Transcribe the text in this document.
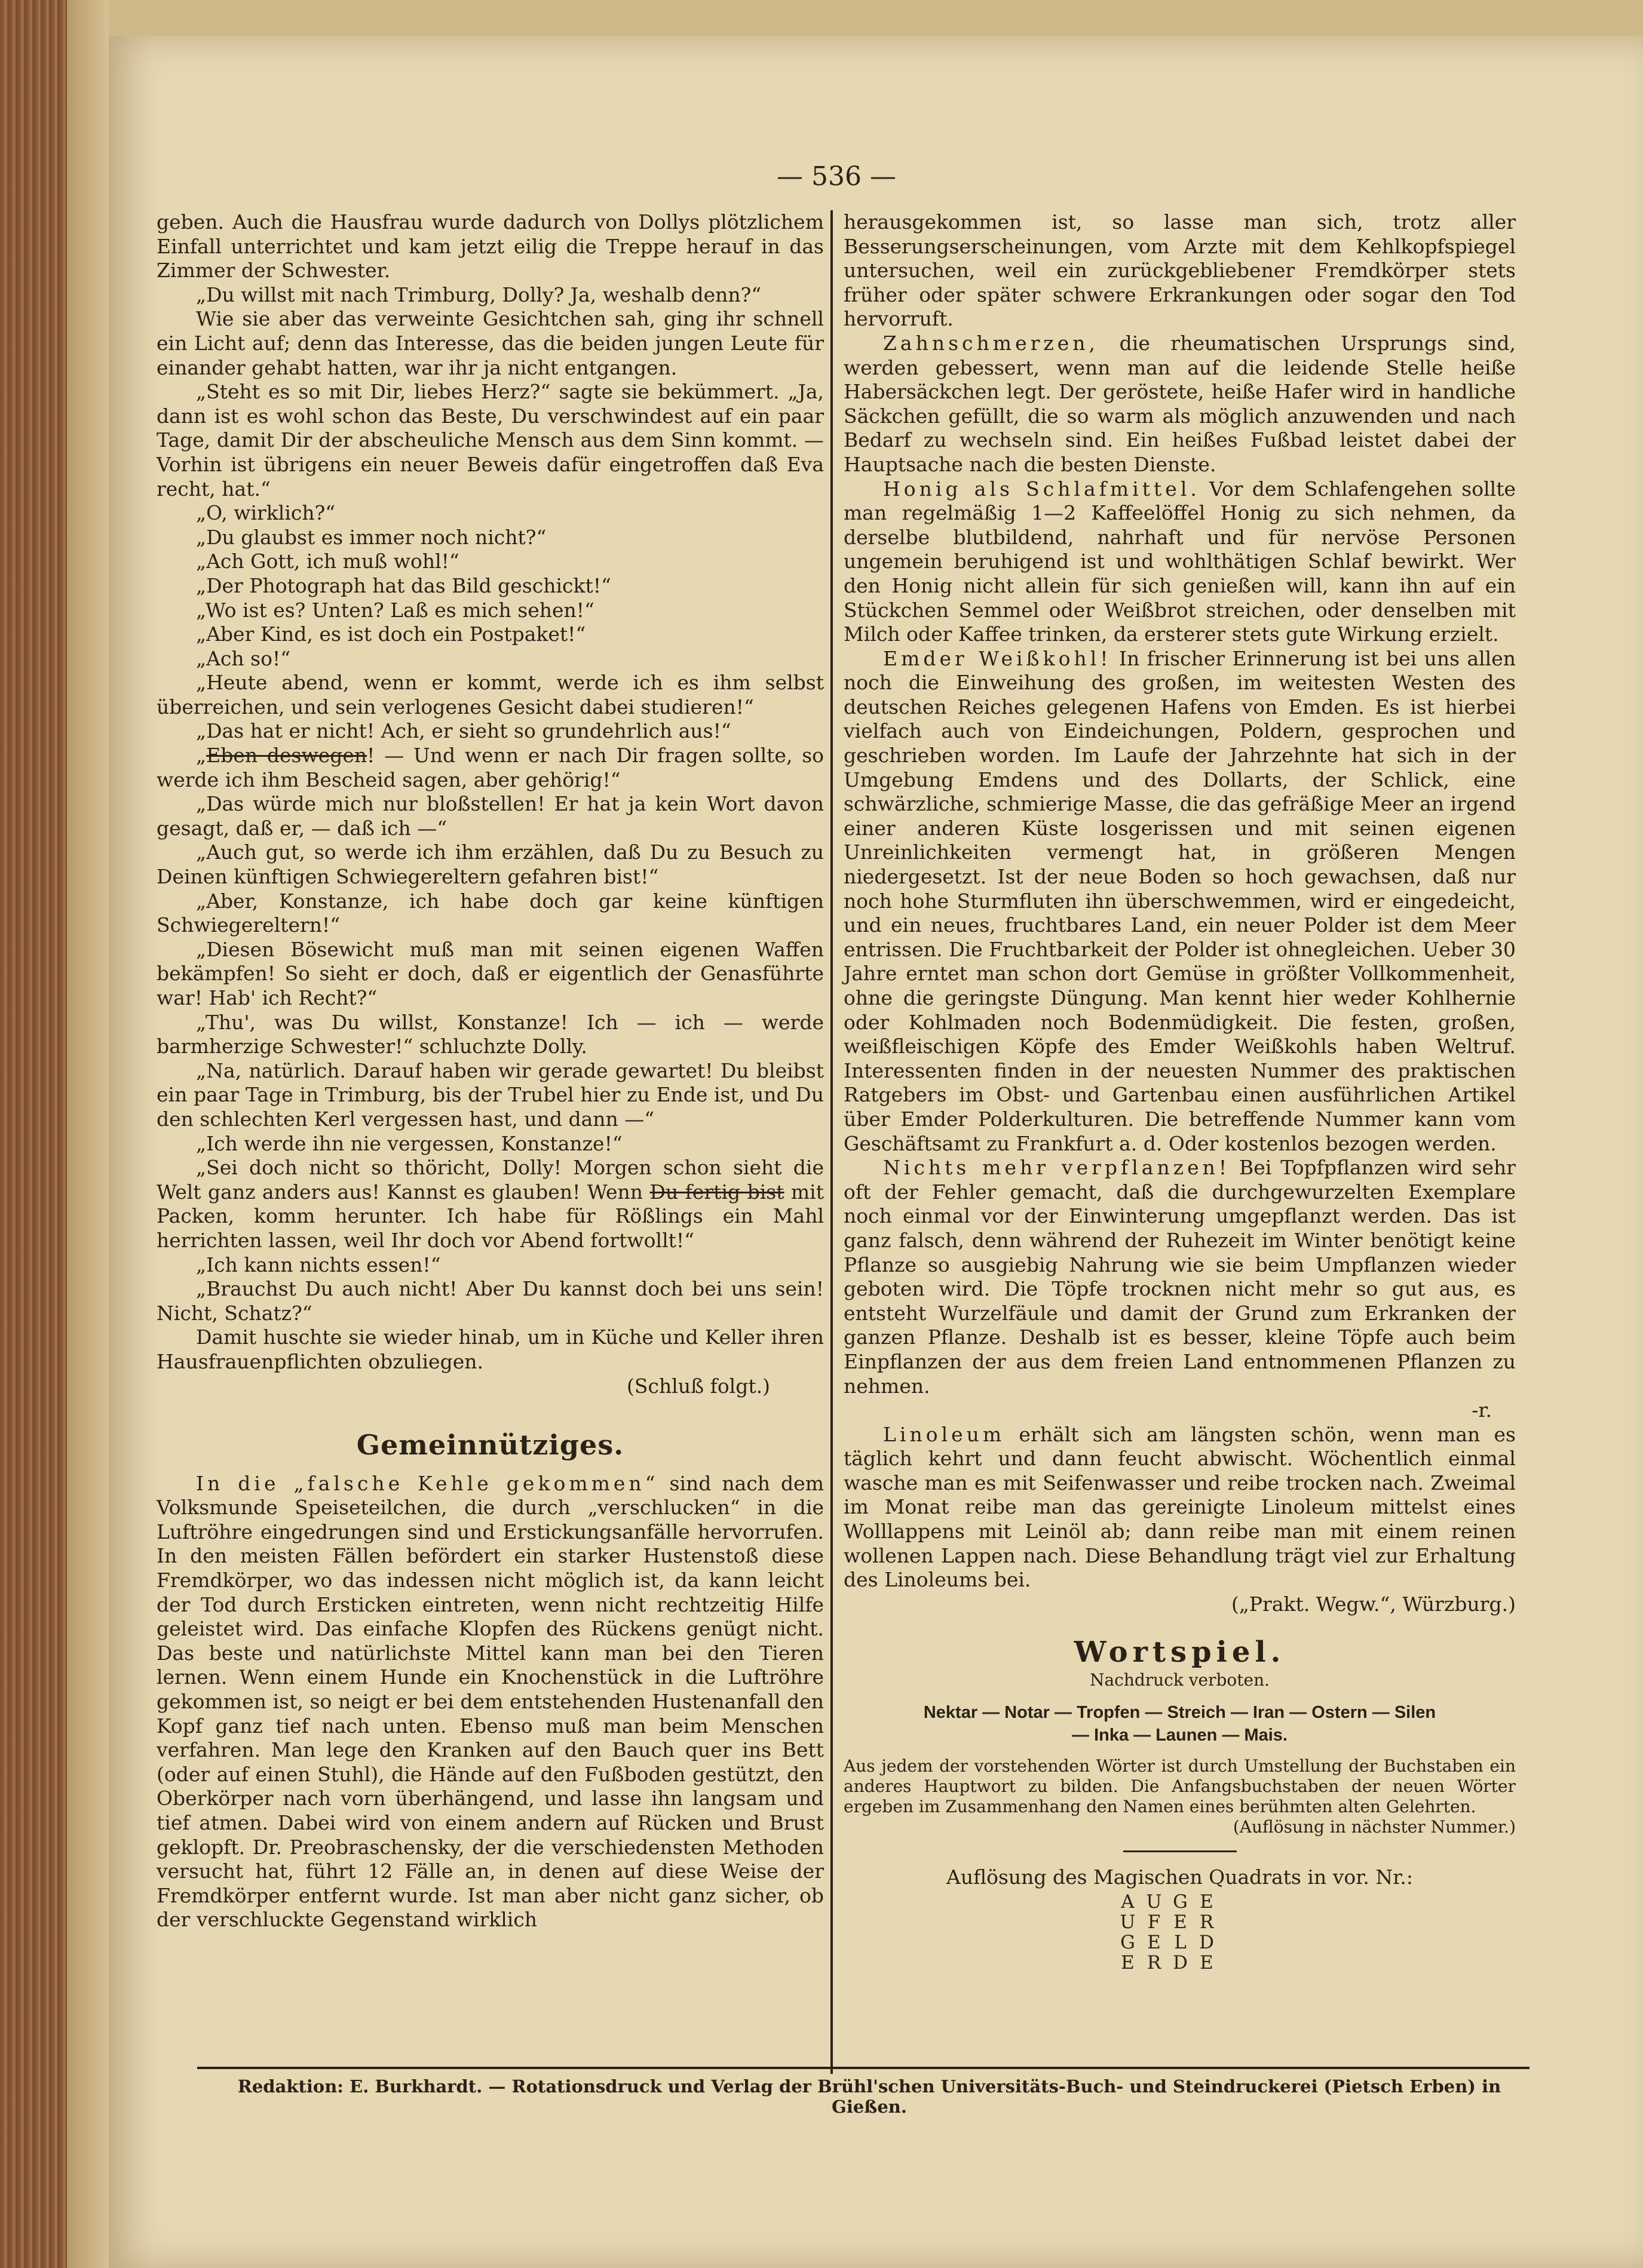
— 536 —

geben. Auch die Hausfrau wurde dadurch von Dollys plötzlichem Einfall unterrichtet und kam jetzt eilig die Treppe herauf in das Zimmer der Schwester.

„Du willst mit nach Trimburg, Dolly? Ja, weshalb denn?“

Wie sie aber das verweinte Gesichtchen sah, ging ihr schnell ein Licht auf; denn das Interesse, das die beiden jungen Leute für einander gehabt hatten, war ihr ja nicht entgangen.

„Steht es so mit Dir, liebes Herz?“ sagte sie bekümmert. „Ja, dann ist es wohl schon das Beste, Du verschwindest auf ein paar Tage, damit Dir der abscheuliche Mensch aus dem Sinn kommt. — Vorhin ist übrigens ein neuer Beweis dafür eingetroffen daß Eva recht, hat.“

„O, wirklich?“

„Du glaubst es immer noch nicht?“

„Ach Gott, ich muß wohl!“

„Der Photograph hat das Bild geschickt!“

„Wo ist es? Unten? Laß es mich sehen!“

„Aber Kind, es ist doch ein Postpaket!“

„Ach so!“

„Heute abend, wenn er kommt, werde ich es ihm selbst überreichen, und sein verlogenes Gesicht dabei studieren!“

„Das hat er nicht! Ach, er sieht so grundehrlich aus!“

„Eben deswegen! — Und wenn er nach Dir fragen sollte, so werde ich ihm Bescheid sagen, aber gehörig!“

„Das würde mich nur bloßstellen! Er hat ja kein Wort davon gesagt, daß er, — daß ich —“

„Auch gut, so werde ich ihm erzählen, daß Du zu Besuch zu Deinen künftigen Schwiegereltern gefahren bist!“

„Aber, Konstanze, ich habe doch gar keine künftigen Schwiegereltern!“

„Diesen Bösewicht muß man mit seinen eigenen Waffen bekämpfen! So sieht er doch, daß er eigentlich der Genasführte war! Hab' ich Recht?“

„Thu', was Du willst, Konstanze! Ich — ich — werde barmherzige Schwester!“ schluchzte Dolly.

„Na, natürlich. Darauf haben wir gerade gewartet! Du bleibst ein paar Tage in Trimburg, bis der Trubel hier zu Ende ist, und Du den schlechten Kerl vergessen hast, und dann —“

„Ich werde ihn nie vergessen, Konstanze!“

„Sei doch nicht so thöricht, Dolly! Morgen schon sieht die Welt ganz anders aus! Kannst es glauben! Wenn Du fertig bist mit Packen, komm herunter. Ich habe für Rößlings ein Mahl herrichten lassen, weil Ihr doch vor Abend fortwollt!“

„Ich kann nichts essen!“

„Brauchst Du auch nicht! Aber Du kannst doch bei uns sein! Nicht, Schatz?“

Damit huschte sie wieder hinab, um in Küche und Keller ihren Hausfrauenpflichten obzuliegen.

(Schluß folgt.)

Gemeinnütziges.

In die „falsche Kehle gekommen“ sind nach dem Volksmunde Speiseteilchen, die durch „verschlucken“ in die Luftröhre eingedrungen sind und Erstickungsanfälle hervorrufen. In den meisten Fällen befördert ein starker Hustenstoß diese Fremdkörper, wo das indessen nicht möglich ist, da kann leicht der Tod durch Ersticken eintreten, wenn nicht rechtzeitig Hilfe geleistet wird. Das einfache Klopfen des Rückens genügt nicht. Das beste und natürlichste Mittel kann man bei den Tieren lernen. Wenn einem Hunde ein Knochenstück in die Luftröhre gekommen ist, so neigt er bei dem entstehenden Hustenanfall den Kopf ganz tief nach unten. Ebenso muß man beim Menschen verfahren. Man lege den Kranken auf den Bauch quer ins Bett (oder auf einen Stuhl), die Hände auf den Fußboden gestützt, den Oberkörper nach vorn überhängend, und lasse ihn langsam und tief atmen. Dabei wird von einem andern auf Rücken und Brust geklopft. Dr. Preobraschensky, der die verschiedensten Methoden versucht hat, führt 12 Fälle an, in denen auf diese Weise der Fremdkörper entfernt wurde. Ist man aber nicht ganz sicher, ob der verschluckte Gegenstand wirklich

herausgekommen ist, so lasse man sich, trotz aller Besserungserscheinungen, vom Arzte mit dem Kehlkopfspiegel untersuchen, weil ein zurückgebliebener Fremdkörper stets früher oder später schwere Erkrankungen oder sogar den Tod hervorruft.

Zahnschmerzen, die rheumatischen Ursprungs sind, werden gebessert, wenn man auf die leidende Stelle heiße Habersäckchen legt. Der geröstete, heiße Hafer wird in handliche Säckchen gefüllt, die so warm als möglich anzuwenden und nach Bedarf zu wechseln sind. Ein heißes Fußbad leistet dabei der Hauptsache nach die besten Dienste.

Honig als Schlafmittel. Vor dem Schlafengehen sollte man regelmäßig 1—2 Kaffeelöffel Honig zu sich nehmen, da derselbe blutbildend, nahrhaft und für nervöse Personen ungemein beruhigend ist und wohlthätigen Schlaf bewirkt. Wer den Honig nicht allein für sich genießen will, kann ihn auf ein Stückchen Semmel oder Weißbrot streichen, oder denselben mit Milch oder Kaffee trinken, da ersterer stets gute Wirkung erzielt.

Emder Weißkohl! In frischer Erinnerung ist bei uns allen noch die Einweihung des großen, im weitesten Westen des deutschen Reiches gelegenen Hafens von Emden. Es ist hierbei vielfach auch von Eindeichungen, Poldern, gesprochen und geschrieben worden. Im Laufe der Jahrzehnte hat sich in der Umgebung Emdens und des Dollarts, der Schlick, eine schwärzliche, schmierige Masse, die das gefräßige Meer an irgend einer anderen Küste losgerissen und mit seinen eigenen Unreinlichkeiten vermengt hat, in größeren Mengen niedergesetzt. Ist der neue Boden so hoch gewachsen, daß nur noch hohe Sturmfluten ihn überschwemmen, wird er eingedeicht, und ein neues, fruchtbares Land, ein neuer Polder ist dem Meer entrissen. Die Fruchtbarkeit der Polder ist ohnegleichen. Ueber 30 Jahre erntet man schon dort Gemüse in größter Vollkommenheit, ohne die geringste Düngung. Man kennt hier weder Kohlhernie oder Kohlmaden noch Bodenmüdigkeit. Die festen, großen, weißfleischigen Köpfe des Emder Weißkohls haben Weltruf. Interessenten finden in der neuesten Nummer des praktischen Ratgebers im Obst- und Gartenbau einen ausführlichen Artikel über Emder Polderkulturen. Die betreffende Nummer kann vom Geschäftsamt zu Frankfurt a. d. Oder kostenlos bezogen werden.

Nichts mehr verpflanzen! Bei Topfpflanzen wird sehr oft der Fehler gemacht, daß die durchgewurzelten Exemplare noch einmal vor der Einwinterung umgepflanzt werden. Das ist ganz falsch, denn während der Ruhezeit im Winter benötigt keine Pflanze so ausgiebig Nahrung wie sie beim Umpflanzen wieder geboten wird. Die Töpfe trocknen nicht mehr so gut aus, es entsteht Wurzelfäule und damit der Grund zum Erkranken der ganzen Pflanze. Deshalb ist es besser, kleine Töpfe auch beim Einpflanzen der aus dem freien Land entnommenen Pflanzen zu nehmen.

-r.

Linoleum erhält sich am längsten schön, wenn man es täglich kehrt und dann feucht abwischt. Wöchentlich einmal wasche man es mit Seifenwasser und reibe trocken nach. Zweimal im Monat reibe man das gereinigte Linoleum mittelst eines Wolllappens mit Leinöl ab; dann reibe man mit einem reinen wollenen Lappen nach. Diese Behandlung trägt viel zur Erhaltung des Linoleums bei.

(„Prakt. Wegw.“, Würzburg.)

Wortspiel.
Nachdruck verboten.
Nektar — Notar — Tropfen — Streich — Iran — Ostern — Silen
— Inka — Launen — Mais.
Aus jedem der vorstehenden Wörter ist durch Umstellung der Buchstaben ein anderes Hauptwort zu bilden. Die Anfangsbuchstaben der neuen Wörter ergeben im Zusammenhang den Namen eines berühmten alten Gelehrten.
(Auflösung in nächster Nummer.)
Auflösung des Magischen Quadrats in vor. Nr.:
A U G E
U F E R
G E L D
E R D E
Redaktion: E. Burkhardt. — Rotationsdruck und Verlag der Brühl'schen Universitäts-Buch- und Steindruckerei (Pietsch Erben) in Gießen.
